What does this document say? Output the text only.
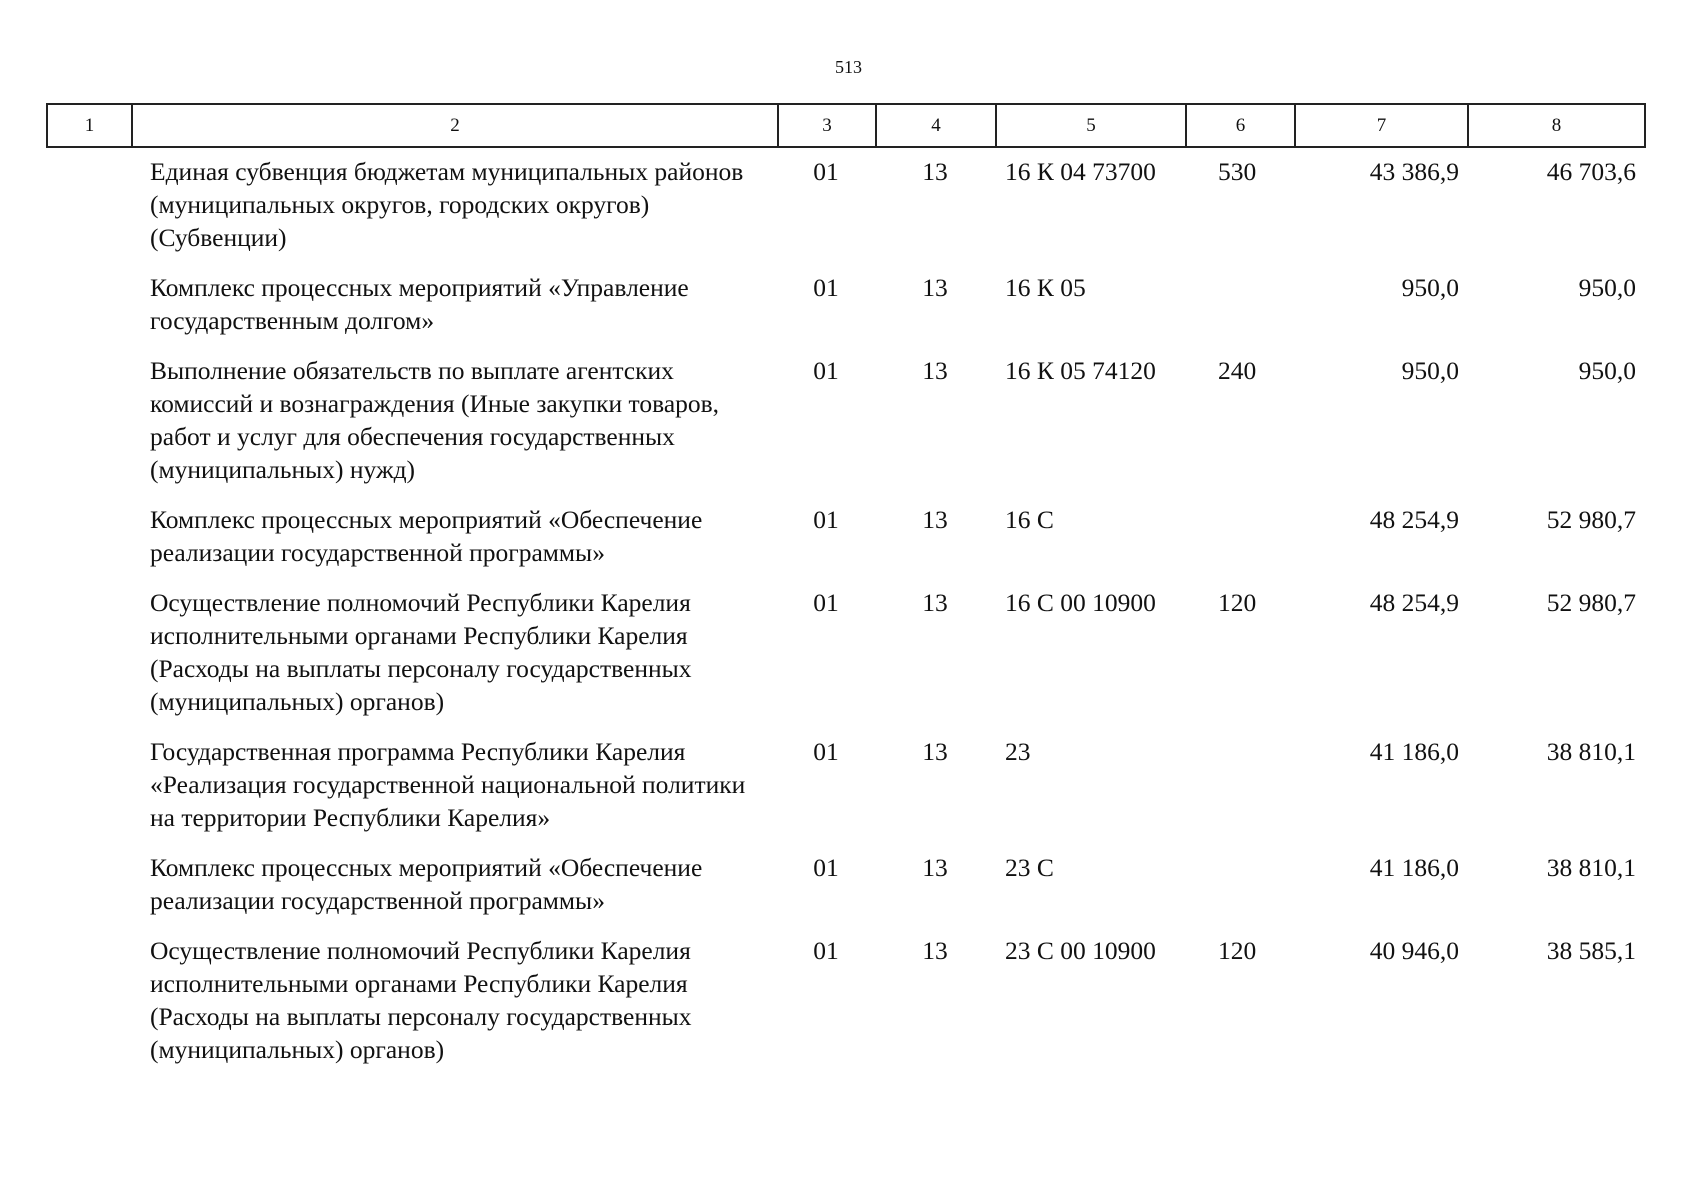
513
1	2	3	4	5	6	7	8
Единая субвенция бюджетам муниципальных районов (муниципальных округов, городских округов) (Субвенции)	01	13	16 К 04 73700	530	43 386,9	46 703,6

Комплекс процессных мероприятий «Управление государственным долгом»	01	13	16 К 05		950,0	950,0

Выполнение обязательств по выплате агентских комиссий и вознаграждения (Иные закупки товаров, работ и услуг для обеспечения государственных (муниципальных) нужд)	01	13	16 К 05 74120	240	950,0	950,0

Комплекс процессных мероприятий «Обеспечение реализации государственной программы»	01	13	16 С		48 254,9	52 980,7

Осуществление полномочий Республики Карелия исполнительными органами Республики Карелия (Расходы на выплаты персоналу государственных (муниципальных) органов)	01	13	16 С 00 10900	120	48 254,9	52 980,7

Государственная программа Республики Карелия «Реализация государственной национальной политики на территории Республики Карелия»	01	13	23		41 186,0	38 810,1

Комплекс процессных мероприятий «Обеспечение реализации государственной программы»	01	13	23 С		41 186,0	38 810,1

Осуществление полномочий Республики Карелия исполнительными органами Республики Карелия (Расходы на выплаты персоналу государственных (муниципальных) органов)	01	13	23 С 00 10900	120	40 946,0	38 585,1
